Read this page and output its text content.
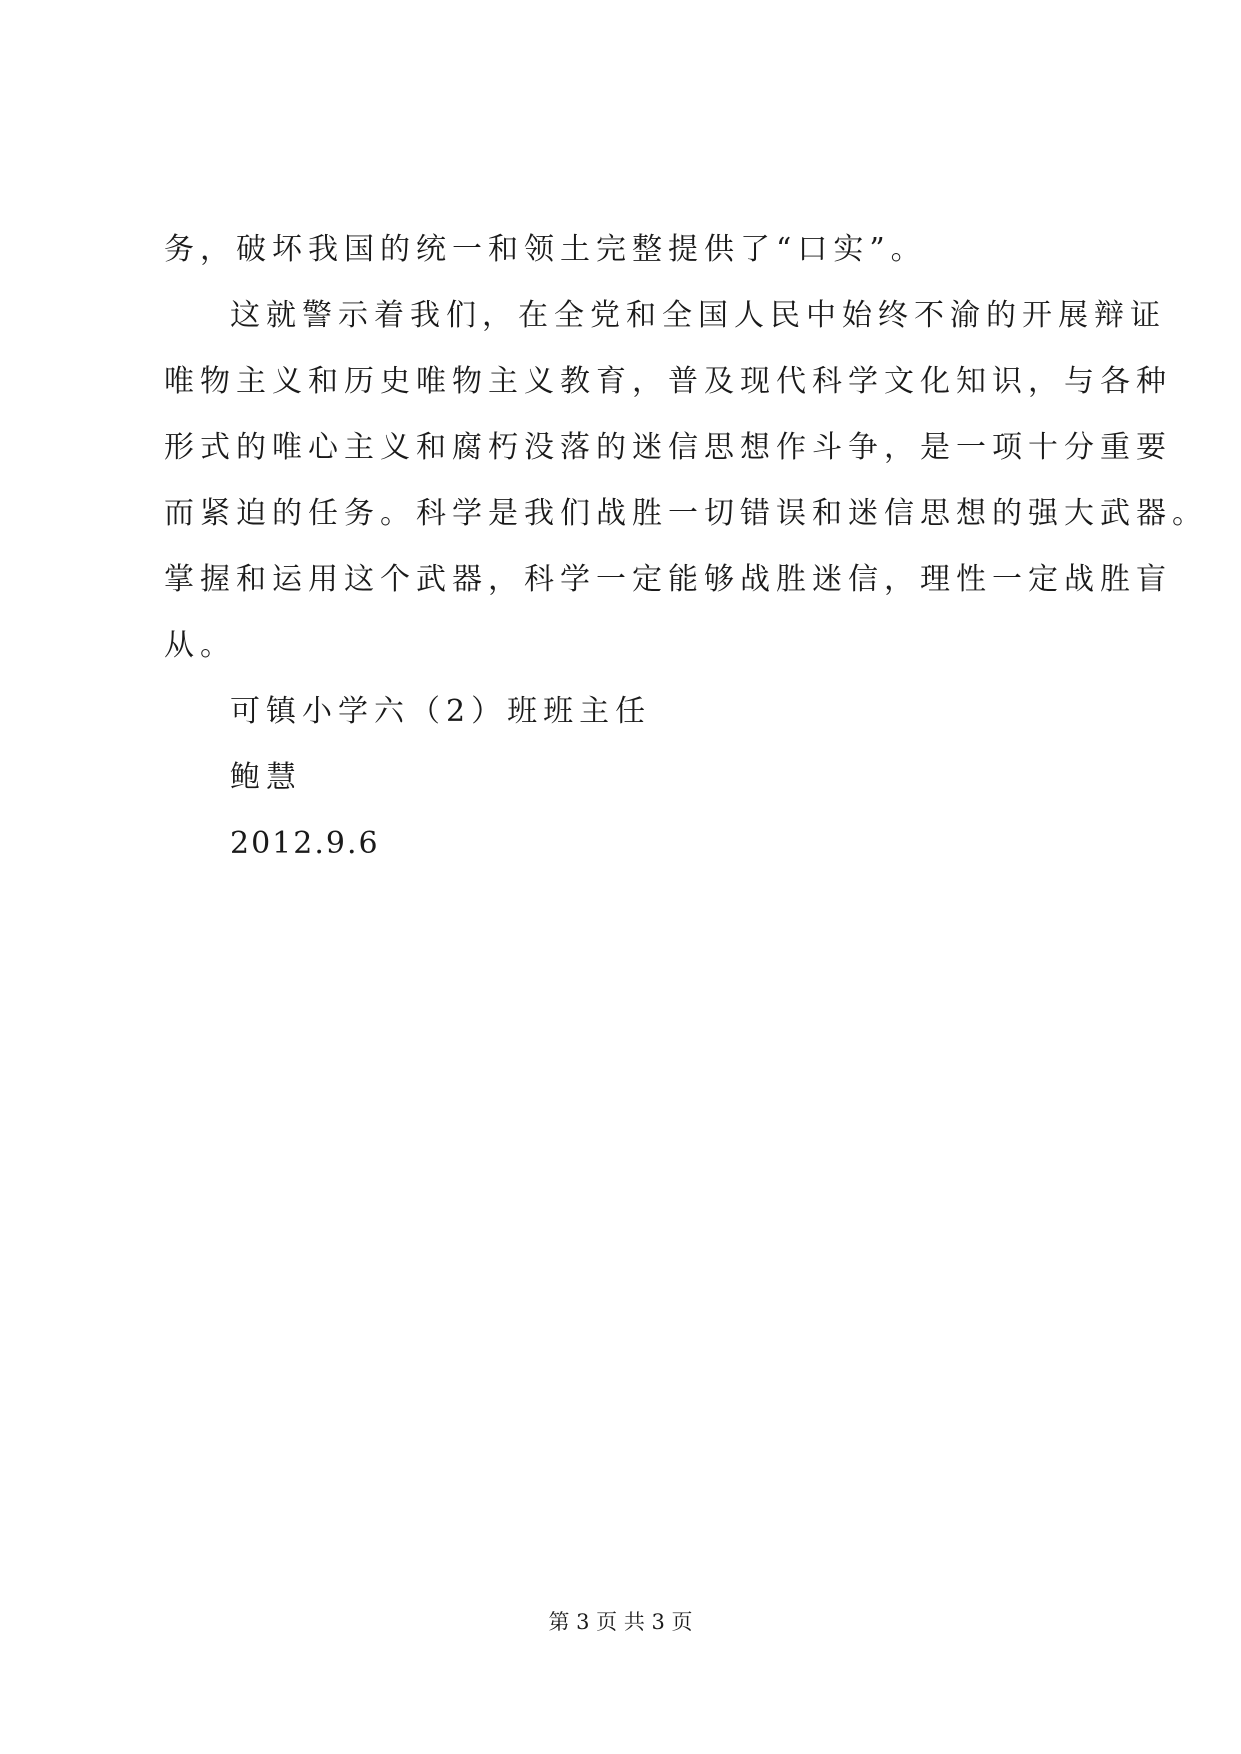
务，破坏我国的统一和领土完整提供了“口实”。
这就警示着我们，在全党和全国人民中始终不渝的开展辩证
唯物主义和历史唯物主义教育，普及现代科学文化知识，与各种
形式的唯心主义和腐朽没落的迷信思想作斗争，是一项十分重要
而紧迫的任务。科学是我们战胜一切错误和迷信思想的强大武器。
掌握和运用这个武器，科学一定能够战胜迷信，理性一定战胜盲
从。
可镇小学六（2）班班主任
鲍慧
2012.9.6
第 3 页 共 3 页
